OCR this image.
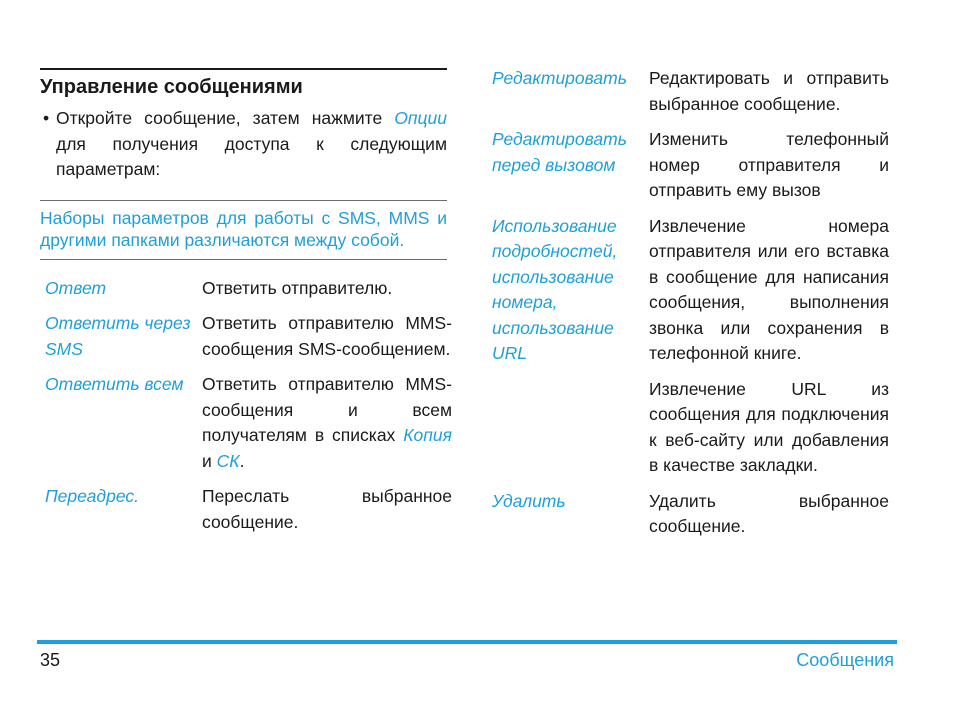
Управление сообщениями

• Откройте сообщение, затем нажмите Опции для получения доступа к следующим параметрам:

Наборы параметров для работы с SMS, MMS и другими папками различаются между собой.

Ответ	Ответить отправителю.
Ответить через SMS	Ответить отправителю MMS-сообщения SMS-сообщением.
Ответить всем	Ответить отправителю MMS-сообщения и всем получателям в списках Копия и СК.
Переадрес.	Переслать выбранное сообщение.
Редактировать	Редактировать и отправить выбранное сообщение.
Редактировать перед вызовом	Изменить телефонный номер отправителя и отправить ему вызов
Использование подробностей, использование номера, использование URL	Извлечение номера отправителя или его вставка в сообщение для написания сообщения, выполнения звонка или сохранения в телефонной книге.
	Извлечение URL из сообщения для подключения к веб-сайту или добавления в качестве закладки.
Удалить	Удалить выбранное сообщение.
35	Сообщения
